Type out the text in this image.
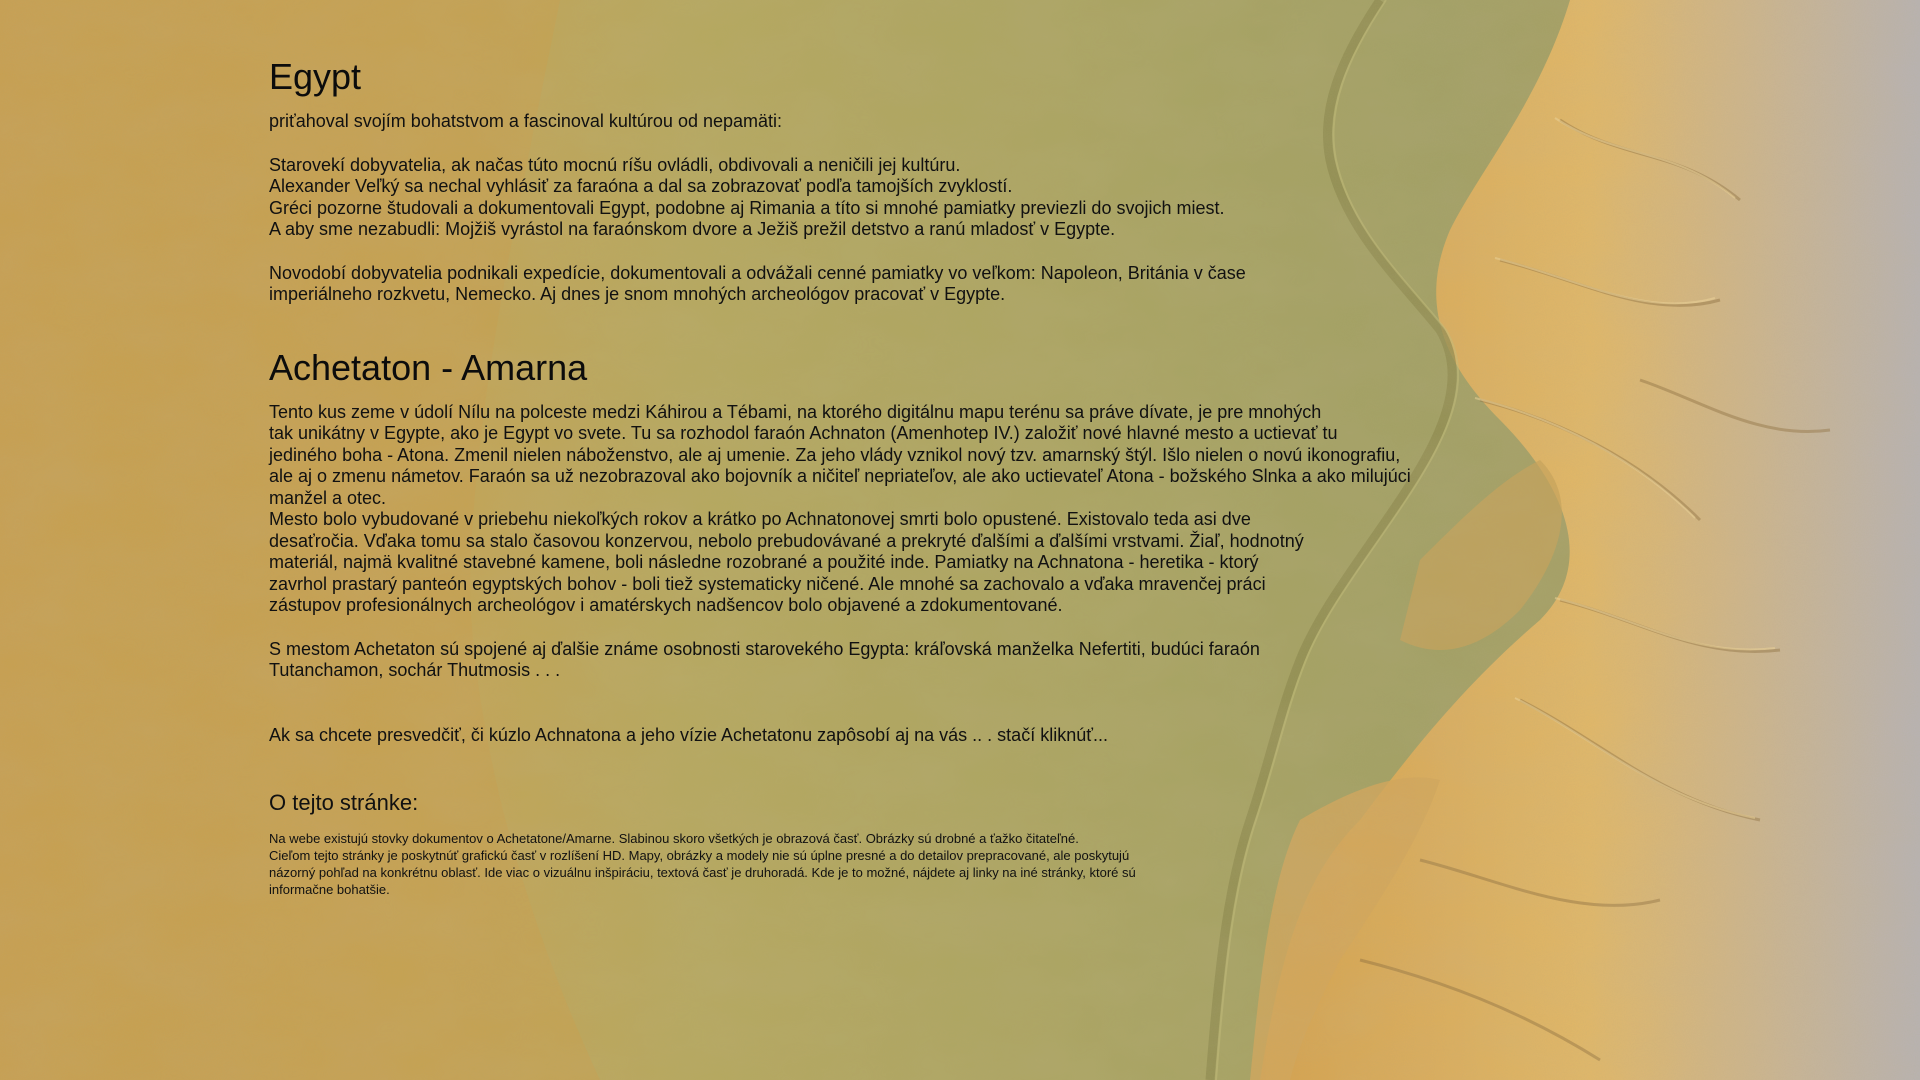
Egypt

priťahoval svojím bohatstvom a fascinoval kultúrou od nepamäti:

Starovekí dobyvatelia, ak načas túto mocnú ríšu ovládli, obdivovali a neničili jej kultúru.
Alexander Veľký sa nechal vyhlásiť za faraóna a dal sa zobrazovať podľa tamojších zvyklostí.
Gréci pozorne študovali a dokumentovali Egypt, podobne aj Rimania a títo si mnohé pamiatky previezli do svojich miest.
A aby sme nezabudli: Mojžiš vyrástol na faraónskom dvore a Ježiš prežil detstvo a ranú mladosť v Egypte.

Novodobí dobyvatelia podnikali expedície, dokumentovali a odvážali cenné pamiatky vo veľkom: Napoleon, Británia v čase
imperiálneho rozkvetu, Nemecko. Aj dnes je snom mnohých archeológov pracovať v Egypte.

Achetaton - Amarna

Tento kus zeme v údolí Nílu na polceste medzi Káhirou a Tébami, na ktorého digitálnu mapu terénu sa práve dívate, je pre mnohých
tak unikátny v Egypte, ako je Egypt vo svete. Tu sa rozhodol faraón Achnaton (Amenhotep IV.) založiť nové hlavné mesto a uctievať tu
jediného boha - Atona. Zmenil nielen náboženstvo, ale aj umenie. Za jeho vlády vznikol nový tzv. amarnský štýl. Išlo nielen o novú ikonografiu,
ale aj o zmenu námetov. Faraón sa už nezobrazoval ako bojovník a ničiteľ nepriateľov, ale ako uctievateľ Atona - božského Slnka a ako milujúci
manžel a otec.
Mesto bolo vybudované v priebehu niekoľkých rokov a krátko po Achnatonovej smrti bolo opustené. Existovalo teda asi dve
desaťročia. Vďaka tomu sa stalo časovou konzervou, nebolo prebudovávané a prekryté ďalšími a ďalšími vrstvami. Žiaľ, hodnotný
materiál, najmä kvalitné stavebné kamene, boli následne rozobrané a použité inde. Pamiatky na Achnatona - heretika - ktorý
zavrhol prastarý panteón egyptských bohov - boli tiež systematicky ničené. Ale mnohé sa zachovalo a vďaka mravenčej práci
zástupov profesionálnych archeológov i amatérskych nadšencov bolo objavené a zdokumentované.

S mestom Achetaton sú spojené aj ďalšie známe osobnosti starovekého Egypta: kráľovská manželka Nefertiti, budúci faraón
Tutanchamon, sochár Thutmosis . . .

Ak sa chcete presvedčiť, či kúzlo Achnatona a jeho vízie Achetatonu zapôsobí aj na vás .. . stačí kliknúť...

O tejto stránke:

Na webe existujú stovky dokumentov o Achetatone/Amarne. Slabinou skoro všetkých je obrazová časť. Obrázky sú drobné a ťažko čitateľné.
Cieľom tejto stránky je poskytnúť grafickú časť v rozlíšení HD. Mapy, obrázky a modely nie sú úplne presné a do detailov prepracované, ale poskytujú
názorný pohľad na konkrétnu oblasť. Ide viac o vizuálnu inšpiráciu, textová časť je druhoradá. Kde je to možné, nájdete aj linky na iné stránky, ktoré sú
informačne bohatšie.
